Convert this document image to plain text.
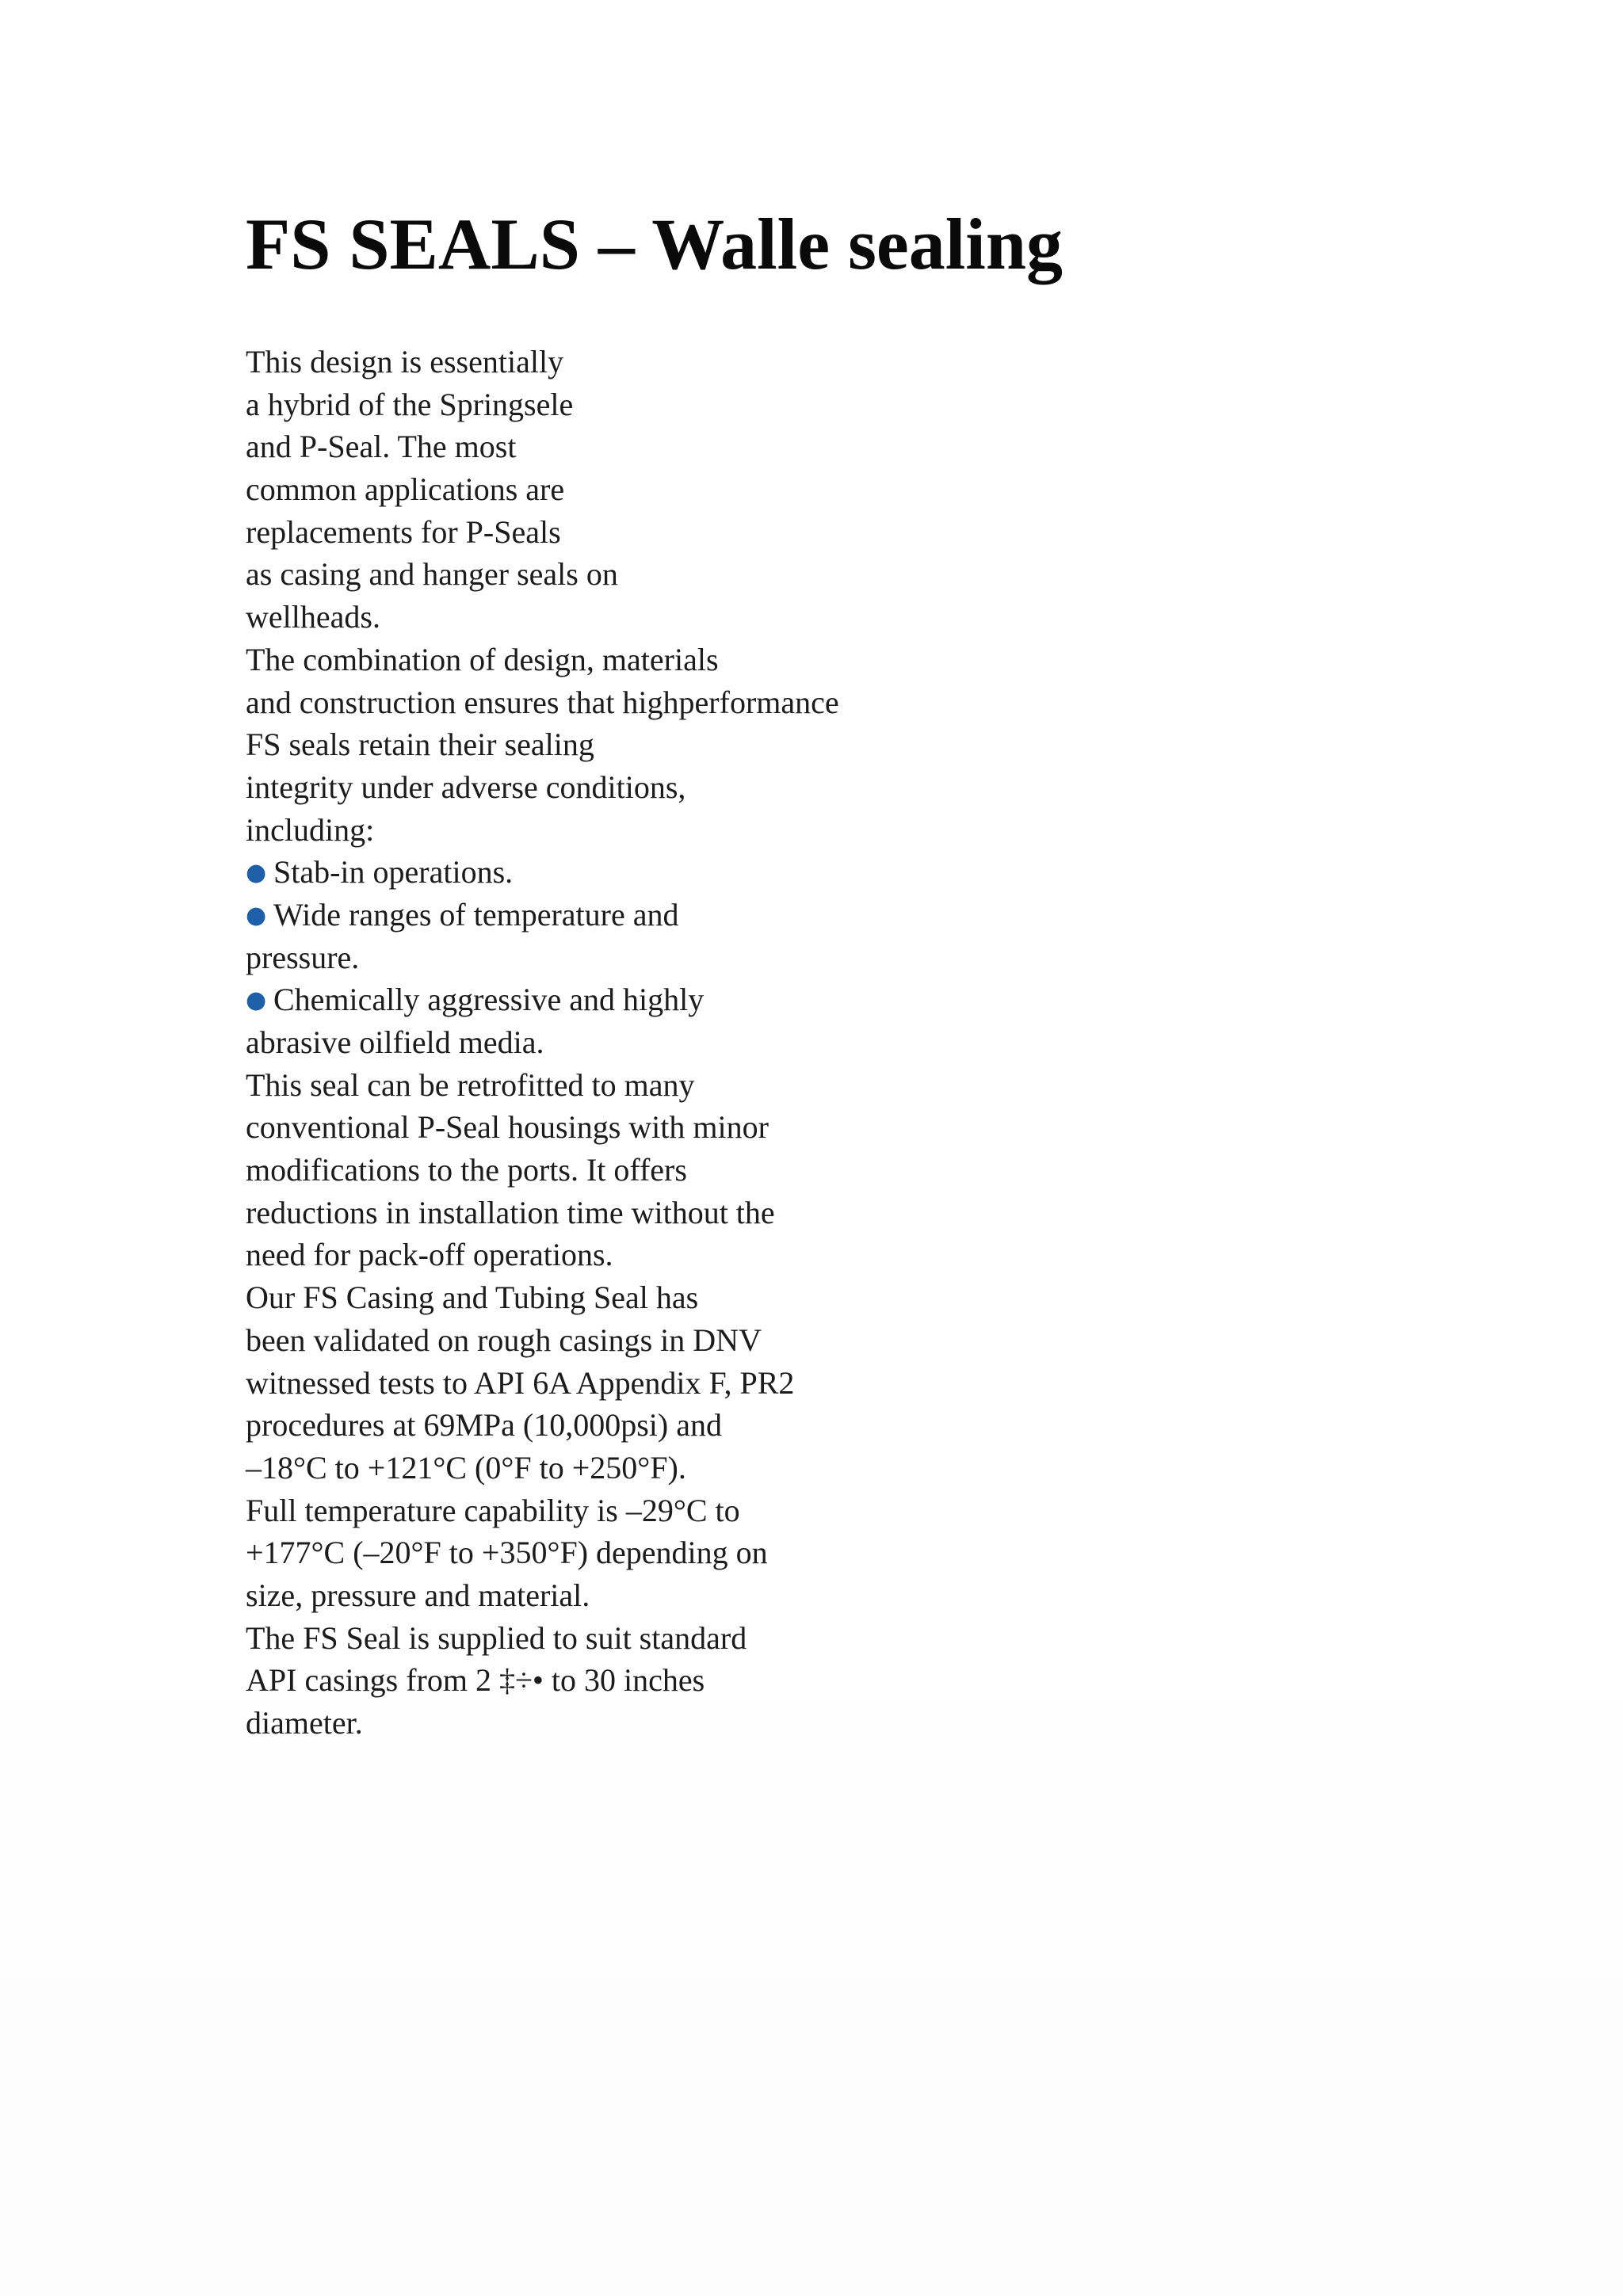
FS SEALS – Walle sealing
This design is essentially
a hybrid of the Springsele
and P-Seal. The most
common applications are
replacements for P-Seals
as casing and hanger seals on
wellheads.
The combination of design, materials
and construction ensures that highperformance
FS seals retain their sealing
integrity under adverse conditions,
including:
● Stab-in operations.
● Wide ranges of temperature and
pressure.
● Chemically aggressive and highly
abrasive oilfield media.
This seal can be retrofitted to many
conventional P-Seal housings with minor
modifications to the ports. It offers
reductions in installation time without the
need for pack-off operations.
Our FS Casing and Tubing Seal has
been validated on rough casings in DNV
witnessed tests to API 6A Appendix F, PR2
procedures at 69MPa (10,000psi) and
–18°C to +121°C (0°F to +250°F).
Full temperature capability is –29°C to
+177°C (–20°F to +350°F) depending on
size, pressure and material.
The FS Seal is supplied to suit standard
API casings from 2 ‡÷• to 30 inches
diameter.
